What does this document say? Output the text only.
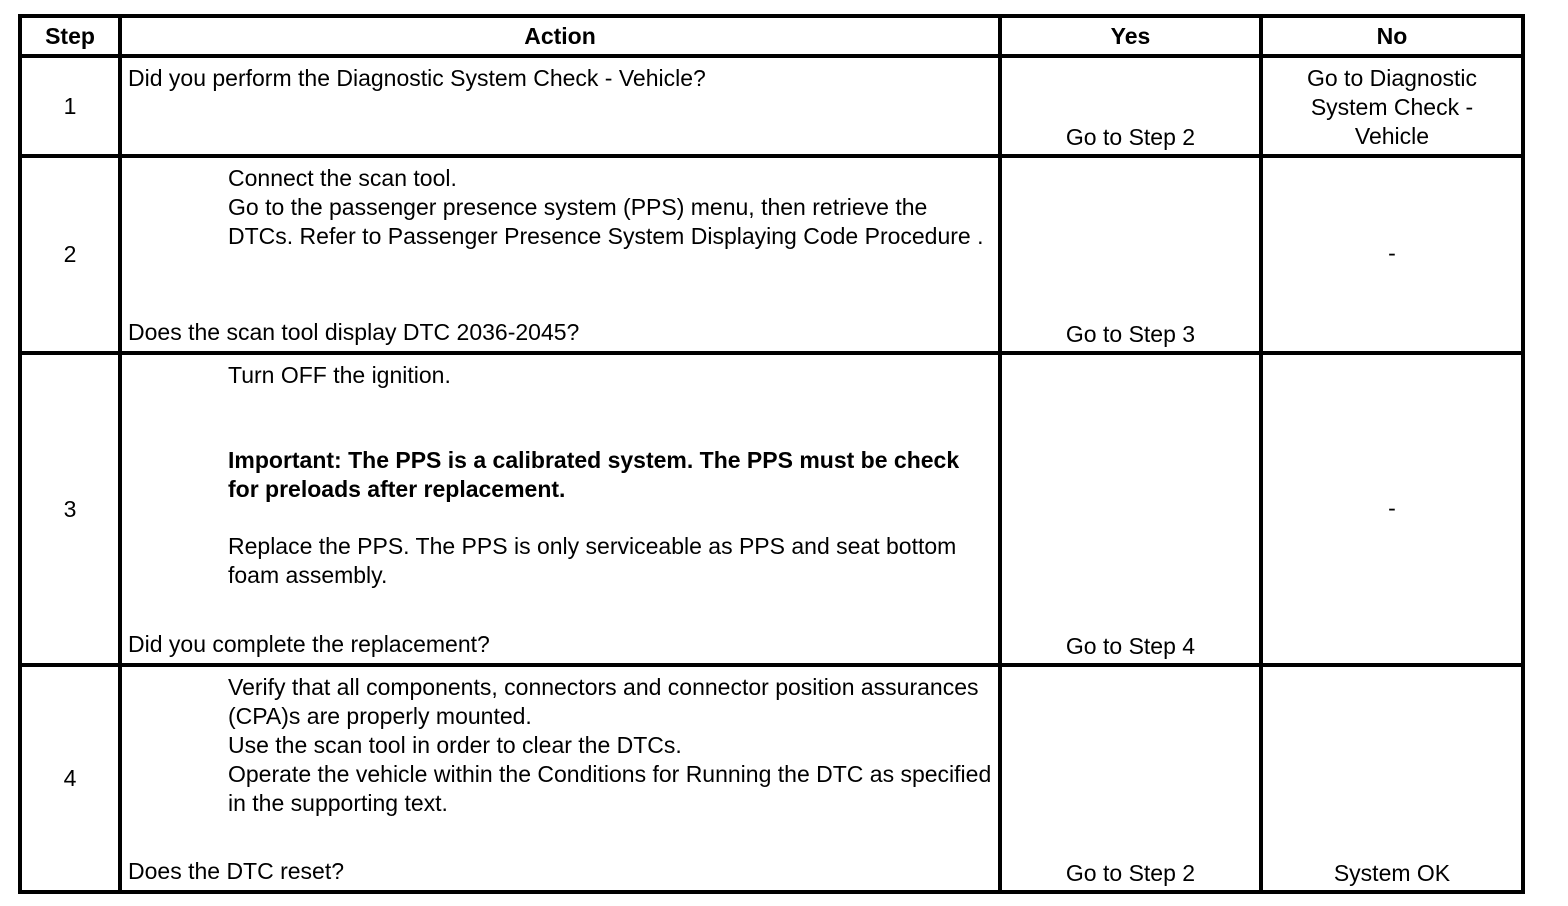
Step	Action	Yes	No
1	Did you perform the Diagnostic System Check - Vehicle?	Go to Step 2	Go to Diagnostic System Check - Vehicle

2	Connect the scan tool.

Go to the passenger presence system (PPS) menu, then retrieve the DTCs. Refer to Passenger Presence System Displaying Code Procedure .

Does the scan tool display DTC 2036-2045?	Go to Step 3	-
3	Turn OFF the ignition.

Important: The PPS is a calibrated system. The PPS must be check for preloads after replacement.

Replace the PPS. The PPS is only serviceable as PPS and seat bottom foam assembly.

Did you complete the replacement?	Go to Step 4	-
4	Verify that all components, connectors and connector position assurances (CPA)s are properly mounted.

Use the scan tool in order to clear the DTCs.

Operate the vehicle within the Conditions for Running the DTC as specified in the supporting text.

Does the DTC reset?	Go to Step 2	System OK
